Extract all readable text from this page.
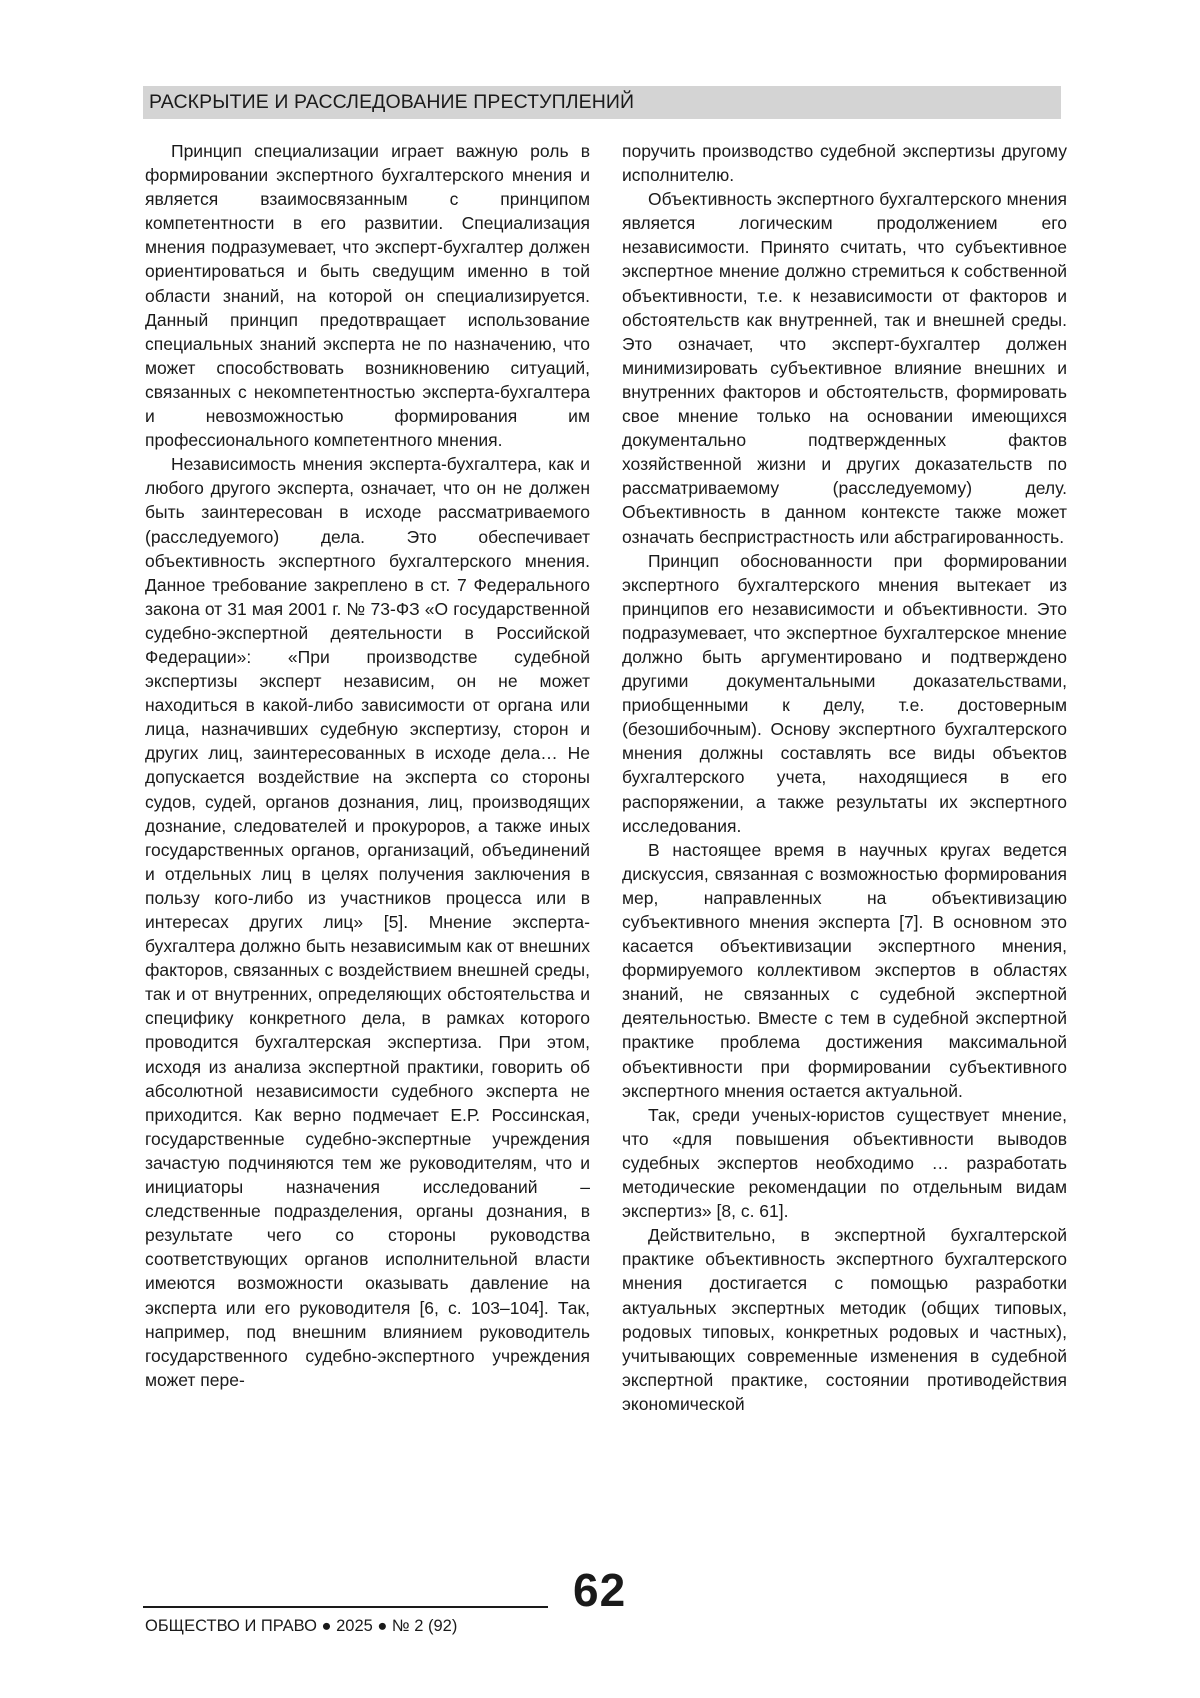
РАСКРЫТИЕ И РАССЛЕДОВАНИЕ ПРЕСТУПЛЕНИЙ

Принцип специализации играет важную роль в формировании экспертного бухгалтерского мнения и является взаимосвязанным с принципом компетентности в его развитии. Специализация мнения подразумевает, что эксперт-бухгалтер должен ориентироваться и быть сведущим именно в той области знаний, на которой он специализируется. Данный принцип предотвращает использование специальных знаний эксперта не по назначению, что может способствовать возникновению ситуаций, связанных с некомпетентностью эксперта-бухгалтера и невозможностью формирования им профессионального компетентного мнения.

Независимость мнения эксперта-бухгалтера, как и любого другого эксперта, означает, что он не должен быть заинтересован в исходе рассматриваемого (расследуемого) дела. Это обеспечивает объективность экспертного бухгалтерского мнения. Данное требование закреплено в ст. 7 Федерального закона от 31 мая 2001 г. № 73-ФЗ «О государственной судебно-экспертной деятельности в Российской Федерации»: «При производстве судебной экспертизы эксперт независим, он не может находиться в какой-либо зависимости от органа или лица, назначивших судебную экспертизу, сторон и других лиц, заинтересованных в исходе дела… Не допускается воздействие на эксперта со стороны судов, судей, органов дознания, лиц, производящих дознание, следователей и прокуроров, а также иных государственных органов, организаций, объединений и отдельных лиц в целях получения заключения в пользу кого-либо из участников процесса или в интересах других лиц» [5]. Мнение эксперта-бухгалтера должно быть независимым как от внешних факторов, связанных с воздействием внешней среды, так и от внутренних, определяющих обстоятельства и специфику конкретного дела, в рамках которого проводится бухгалтерская экспертиза. При этом, исходя из анализа экспертной практики, говорить об абсолютной независимости судебного эксперта не приходится. Как верно подмечает Е.Р. Россинская, государственные судебно-экспертные учреждения зачастую подчиняются тем же руководителям, что и инициаторы назначения исследований – следственные подразделения, органы дознания, в результате чего со стороны руководства соответствующих органов исполнительной власти имеются возможности оказывать давление на эксперта или его руководителя [6, с. 103–104]. Так, например, под внешним влиянием руководитель государственного судебно-экспертного учреждения может пере-

поручить производство судебной экспертизы другому исполнителю.

Объективность экспертного бухгалтерского мнения является логическим продолжением его независимости. Принято считать, что субъективное экспертное мнение должно стремиться к собственной объективности, т.е. к независимости от факторов и обстоятельств как внутренней, так и внешней среды. Это означает, что эксперт-бухгалтер должен минимизировать субъективное влияние внешних и внутренних факторов и обстоятельств, формировать свое мнение только на основании имеющихся документально подтвержденных фактов хозяйственной жизни и других доказательств по рассматриваемому (расследуемому) делу. Объективность в данном контексте также может означать беспристрастность или абстрагированность.

Принцип обоснованности при формировании экспертного бухгалтерского мнения вытекает из принципов его независимости и объективности. Это подразумевает, что экспертное бухгалтерское мнение должно быть аргументировано и подтверждено другими документальными доказательствами, приобщенными к делу, т.е. достоверным (безошибочным). Основу экспертного бухгалтерского мнения должны составлять все виды объектов бухгалтерского учета, находящиеся в его распоряжении, а также результаты их экспертного исследования.

В настоящее время в научных кругах ведется дискуссия, связанная с возможностью формирования мер, направленных на объективизацию субъективного мнения эксперта [7]. В основном это касается объективизации экспертного мнения, формируемого коллективом экспертов в областях знаний, не связанных с судебной экспертной деятельностью. Вместе с тем в судебной экспертной практике проблема достижения максимальной объективности при формировании субъективного экспертного мнения остается актуальной.

Так, среди ученых-юристов существует мнение, что «для повышения объективности выводов судебных экспертов необходимо … разработать методические рекомендации по отдельным видам экспертиз» [8, с. 61].

Действительно, в экспертной бухгалтерской практике объективность экспертного бухгалтерского мнения достигается с помощью разработки актуальных экспертных методик (общих типовых, родовых типовых, конкретных родовых и частных), учитывающих современные изменения в судебной экспертной практике, состоянии противодействия экономической

62
ОБЩЕСТВО И ПРАВО ● 2025 ● № 2 (92)
